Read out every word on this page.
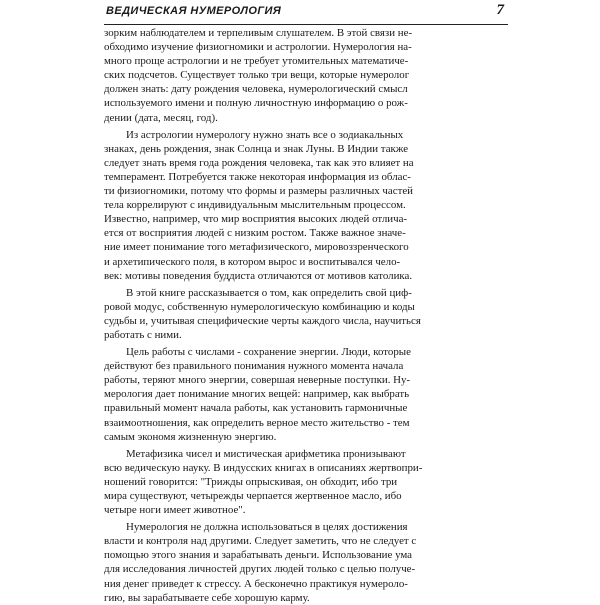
ВЕДИЧЕСКАЯ НУМЕРОЛОГИЯ	7

зорким наблюдателем и терпеливым слушателем. В этой связи не-
обходимо изучение физиогномики и астрологии. Нумерология на-
много проще астрологии и не требует утомительных математиче-
ских подсчетов. Существует только три вещи, которые нумеролог
должен знать: дату рождения человека, нумерологический смысл
используемого имени и полную личностную информацию о рож-
дении (дата, месяц, год).

Из астрологии нумерологу нужно знать все о зодиакальных
знаках, день рождения, знак Солнца и знак Луны. В Индии также
следует знать время года рождения человека, так как это влияет на
темперамент. Потребуется также некоторая информация из облас-
ти физиогномики, потому что формы и размеры различных частей
тела коррелируют с индивидуальным мыслительным процессом.
Известно, например, что мир восприятия высоких людей отлича-
ется от восприятия людей с низким ростом. Также важное значе-
ние имеет понимание того метафизического, мировоззренческого
и архетипического поля, в котором вырос и воспитывался чело-
век: мотивы поведения буддиста отличаются от мотивов католика.

В этой книге рассказывается о том, как определить свой циф-
ровой модус, собственную нумерологическую комбинацию и коды
судьбы и, учитывая специфические черты каждого числа, научиться
работать с ними.

Цель работы с числами - сохранение энергии. Люди, которые
действуют без правильного понимания нужного момента начала
работы, теряют много энергии, совершая неверные поступки. Ну-
мерология дает понимание многих вещей: например, как выбрать
правильный момент начала работы, как установить гармоничные
взаимоотношения, как определить верное место жительство - тем
самым экономя жизненную энергию.

Метафизика чисел и мистическая арифметика пронизывают
всю ведическую науку. В индусских книгах в описаниях жертвопри-
ношений говорится: "Трижды опрыскивая, он обходит, ибо три
мира существуют, четырежды черпается жертвенное масло, ибо
четыре ноги имеет животное".

Нумерология не должна использоваться в целях достижения
власти и контроля над другими. Следует заметить, что не следует с
помощью этого знания и зарабатывать деньги. Использование ума
для исследования личностей других людей только с целью получе-
ния денег приведет к стрессу. А бесконечно практикуя нумероло-
гию, вы зарабатываете себе хорошую карму.
